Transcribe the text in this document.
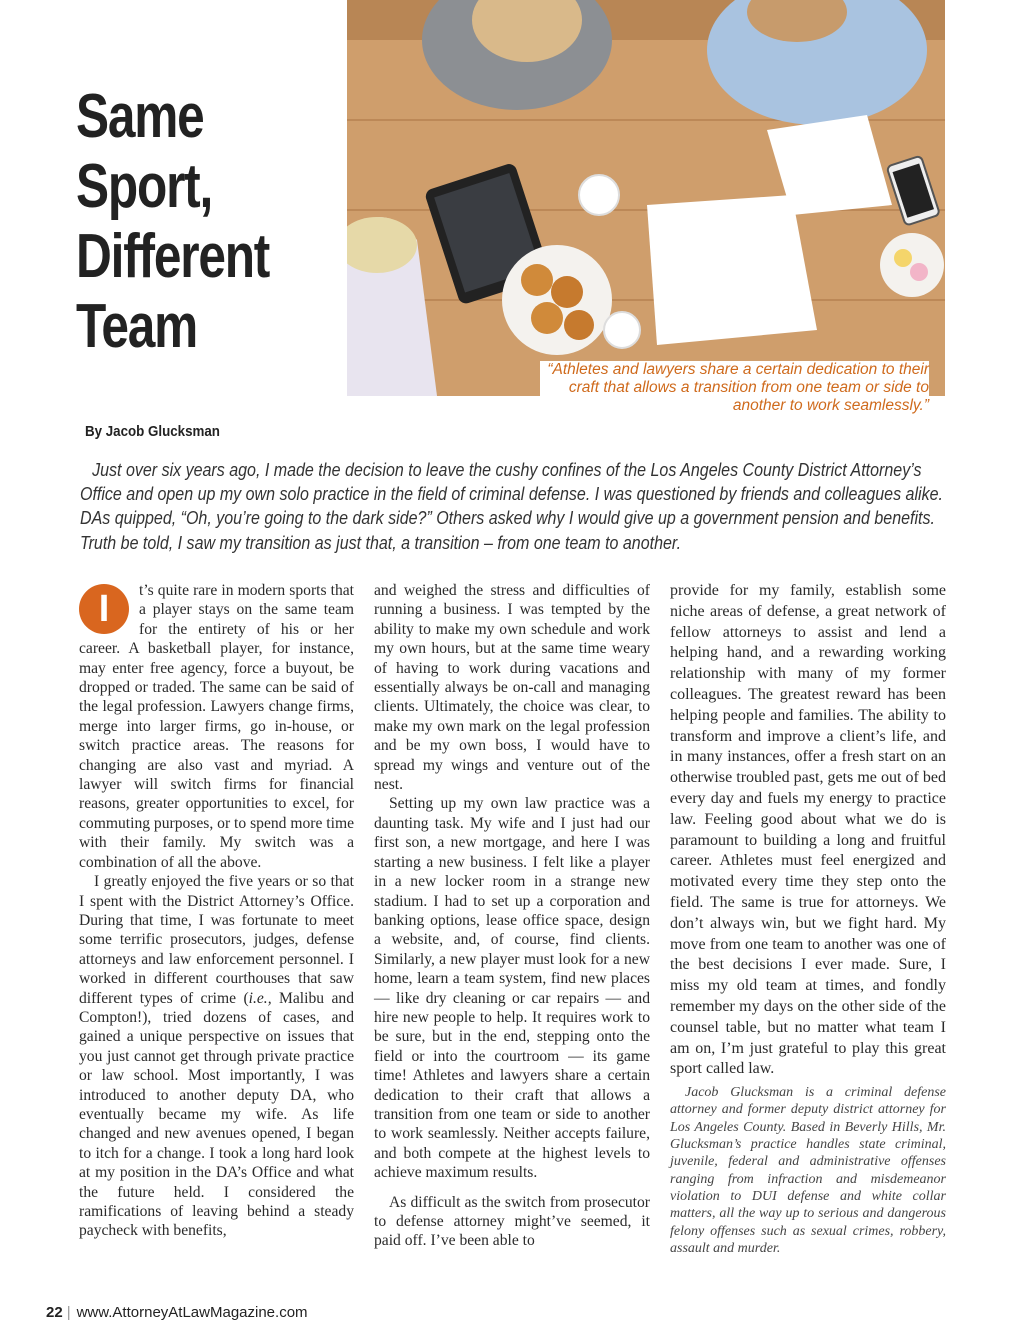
Same Sport, Different Team
“Athletes and lawyers share a certain dedication to their craft that allows a transition from one team or side to another to work seamlessly.”
By Jacob Glucksman

Just over six years ago, I made the decision to leave the cushy confines of the Los Angeles County District Attorney’s Office and open up my own solo practice in the field of criminal defense. I was questioned by friends and colleagues alike. DAs quipped, “Oh, you’re going to the dark side?” Others asked why I would give up a government pension and benefits. Truth be told, I saw my transition as just that, a transition – from one team to another.

I	t’s quite rare in modern sports that a player stays on the same team for the entirety of his or her career. A basketball player, for instance, may enter free agency, force a buyout, be dropped or traded. The same can be said of the legal profession. Lawyers change firms, merge into larger firms, go in-house, or switch practice areas. The reasons for changing are also vast and myriad. A lawyer will switch firms for financial reasons, greater opportunities to excel, for commuting purposes, or to spend more time with their family. My switch was a combination of all the above.

I greatly enjoyed the five years or so that I spent with the District Attorney’s Office. During that time, I was fortunate to meet some terrific prosecutors, judges, defense attorneys and law enforcement personnel. I worked in different courthouses that saw different types of crime (i.e., Malibu and Compton!), tried dozens of cases, and gained a unique perspective on issues that you just cannot get through private practice or law school. Most importantly, I was introduced to another deputy DA, who eventually became my wife. As life changed and new avenues opened, I began to itch for a change. I took a long hard look at my position in the DA’s Office and what the future held. I considered the ramifications of leaving behind a steady paycheck with benefits,

and weighed the stress and difficulties of running a business. I was tempted by the ability to make my own schedule and work my own hours, but at the same time weary of having to work during vacations and essentially always be on-call and managing clients. Ultimately, the choice was clear, to make my own mark on the legal profession and be my own boss, I would have to spread my wings and venture out of the nest.

Setting up my own law practice was a daunting task. My wife and I just had our first son, a new mortgage, and here I was starting a new business. I felt like a player in a new locker room in a strange new stadium. I had to set up a corporation and banking options, lease office space, design a website, and, of course, find clients. Similarly, a new player must look for a new home, learn a team system, find new places — like dry cleaning or car repairs — and hire new people to help. It requires work to be sure, but in the end, stepping onto the field or into the courtroom — its game time! Athletes and lawyers share a certain dedication to their craft that allows a transition from one team or side to another to work seamlessly. Neither accepts failure, and both compete at the highest levels to achieve maximum results.

As difficult as the switch from prosecutor to defense attorney might’ve seemed, it paid off. I’ve been able to

provide for my family, establish some niche areas of defense, a great network of fellow attorneys to assist and lend a helping hand, and a rewarding working relationship with many of my former colleagues. The greatest reward has been helping people and families. The ability to transform and improve a client’s life, and in many instances, offer a fresh start on an otherwise troubled past, gets me out of bed every day and fuels my energy to practice law. Feeling good about what we do is paramount to building a long and fruitful career. Athletes must feel energized and motivated every time they step onto the field. The same is true for attorneys. We don’t always win, but we fight hard. My move from one team to another was one of the best decisions I ever made. Sure, I miss my old team at times, and fondly remember my days on the other side of the counsel table, but no matter what team I am on, I’m just grateful to play this great sport called law.

Jacob Glucksman is a criminal defense attorney and former deputy district attorney for Los Angeles County. Based in Beverly Hills, Mr. Glucksman’s practice handles state criminal, juvenile, federal and administrative offenses ranging from infraction and misdemeanor violation to DUI defense and white collar matters, all the way up to serious and dangerous felony offenses such as sexual crimes, robbery, assault and murder.

22 | www.AttorneyAtLawMagazine.com
